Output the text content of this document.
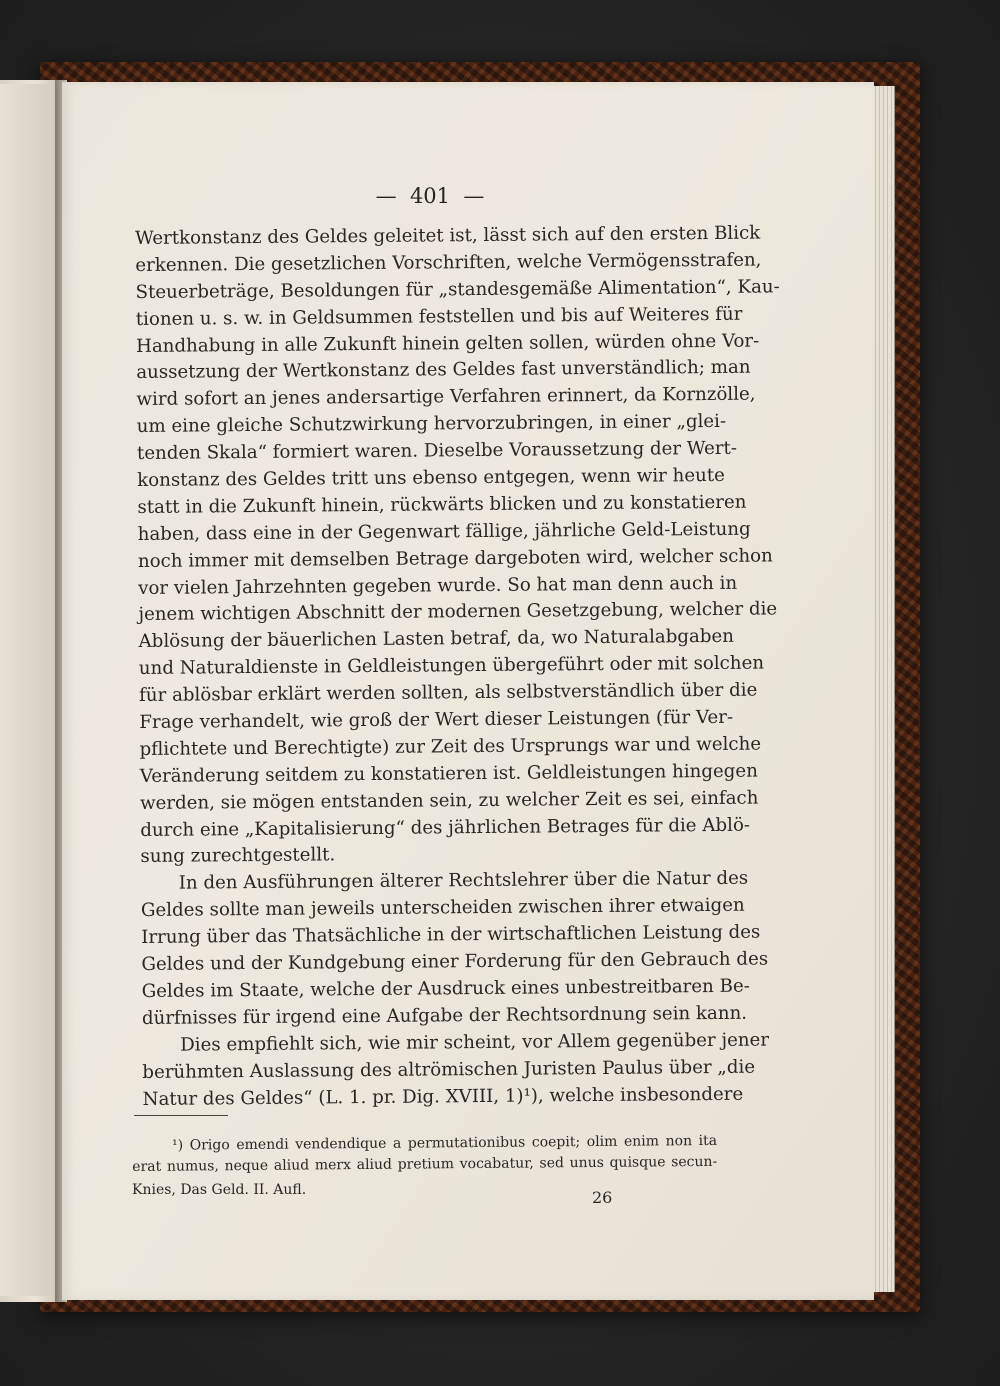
—  401  —
Wertkonstanz des Geldes geleitet ist, lässt sich auf den ersten Blick
erkennen. Die gesetzlichen Vorschriften, welche Vermögensstrafen,
Steuerbeträge, Besoldungen für „standesgemäße Alimentation“, Kau-
tionen u. s. w. in Geldsummen feststellen und bis auf Weiteres für
Handhabung in alle Zukunft hinein gelten sollen, würden ohne Vor-
aussetzung der Wertkonstanz des Geldes fast unverständlich; man
wird sofort an jenes andersartige Verfahren erinnert, da Kornzölle,
um eine gleiche Schutzwirkung hervorzubringen, in einer „glei-
tenden Skala“ formiert waren. Dieselbe Voraussetzung der Wert-
konstanz des Geldes tritt uns ebenso entgegen, wenn wir heute
statt in die Zukunft hinein, rückwärts blicken und zu konstatieren
haben, dass eine in der Gegenwart fällige, jährliche Geld-Leistung
noch immer mit demselben Betrage dargeboten wird, welcher schon
vor vielen Jahrzehnten gegeben wurde. So hat man denn auch in
jenem wichtigen Abschnitt der modernen Gesetzgebung, welcher die
Ablösung der bäuerlichen Lasten betraf, da, wo Naturalabgaben
und Naturaldienste in Geldleistungen übergeführt oder mit solchen
für ablösbar erklärt werden sollten, als selbstverständlich über die
Frage verhandelt, wie groß der Wert dieser Leistungen (für Ver-
pflichtete und Berechtigte) zur Zeit des Ursprungs war und welche
Veränderung seitdem zu konstatieren ist. Geldleistungen hingegen
werden, sie mögen entstanden sein, zu welcher Zeit es sei, einfach
durch eine „Kapitalisierung“ des jährlichen Betrages für die Ablö-
sung zurechtgestellt.
In den Ausführungen älterer Rechtslehrer über die Natur des
Geldes sollte man jeweils unterscheiden zwischen ihrer etwaigen
Irrung über das Thatsächliche in der wirtschaftlichen Leistung des
Geldes und der Kundgebung einer Forderung für den Gebrauch des
Geldes im Staate, welche der Ausdruck eines unbestreitbaren Be-
dürfnisses für irgend eine Aufgabe der Rechtsordnung sein kann.
Dies empfiehlt sich, wie mir scheint, vor Allem gegenüber jener
berühmten Auslassung des altrömischen Juristen Paulus über „die
Natur des Geldes“ (L. 1. pr. Dig. XVIII, 1)¹), welche insbesondere
¹) Origo emendi vendendique a permutationibus coepit; olim enim non ita
erat numus, neque aliud merx aliud pretium vocabatur, sed unus quisque secun-
Knies, Das Geld. II. Aufl.	26
